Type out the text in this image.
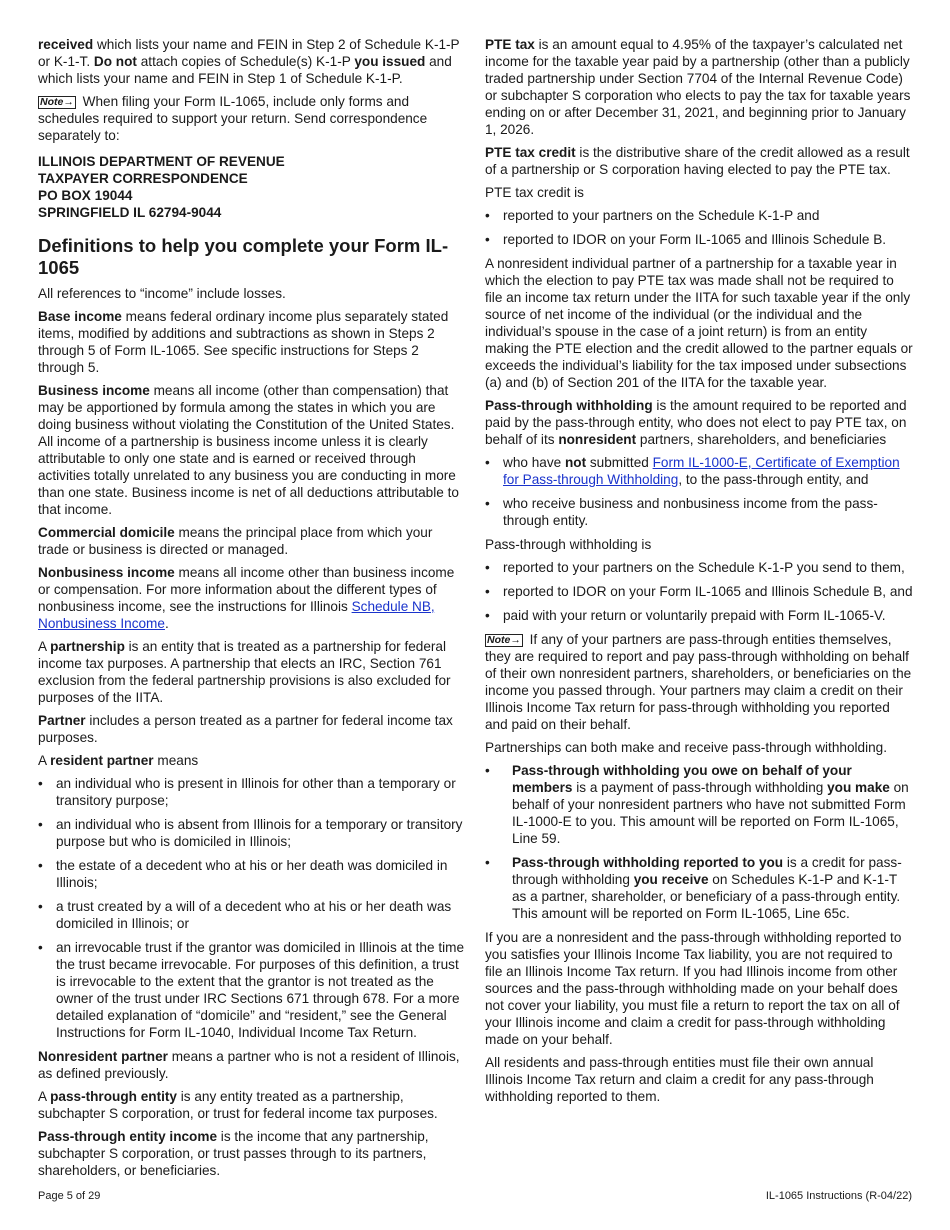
received which lists your name and FEIN in Step 2 of Schedule K-1-P or K-1-T. Do not attach copies of Schedule(s) K-1-P you issued and which lists your name and FEIN in Step 1 of Schedule K-1-P.

Note→ When filing your Form IL-1065, include only forms and schedules required to support your return. Send correspondence separately to:

ILLINOIS DEPARTMENT OF REVENUE
TAXPAYER CORRESPONDENCE
PO BOX 19044
SPRINGFIELD IL 62794-9044
Definitions to help you complete your Form IL-1065

All references to “income” include losses.

Base income means federal ordinary income plus separately stated items, modified by additions and subtractions as shown in Steps 2 through 5 of Form IL-1065. See specific instructions for Steps 2 through 5.

Business income means all income (other than compensation) that may be apportioned by formula among the states in which you are doing business without violating the Constitution of the United States. All income of a partnership is business income unless it is clearly attributable to only one state and is earned or received through activities totally unrelated to any business you are conducting in more than one state. Business income is net of all deductions attributable to that income.

Commercial domicile means the principal place from which your trade or business is directed or managed.

Nonbusiness income means all income other than business income or compensation. For more information about the different types of nonbusiness income, see the instructions for Illinois Schedule NB, Nonbusiness Income.

A partnership is an entity that is treated as a partnership for federal income tax purposes. A partnership that elects an IRC, Section 761 exclusion from the federal partnership provisions is also excluded for purposes of the IITA.

Partner includes a person treated as a partner for federal income tax purposes.

A resident partner means

• an individual who is present in Illinois for other than a temporary or transitory purpose;
• an individual who is absent from Illinois for a temporary or transitory purpose but who is domiciled in Illinois;
• the estate of a decedent who at his or her death was domiciled in Illinois;
• a trust created by a will of a decedent who at his or her death was domiciled in Illinois; or
• an irrevocable trust if the grantor was domiciled in Illinois at the time the trust became irrevocable. For purposes of this definition, a trust is irrevocable to the extent that the grantor is not treated as the owner of the trust under IRC Sections 671 through 678. For a more detailed explanation of “domicile” and “resident,” see the General Instructions for Form IL-1040, Individual Income Tax Return.

Nonresident partner means a partner who is not a resident of Illinois, as defined previously.

A pass-through entity is any entity treated as a partnership, subchapter S corporation, or trust for federal income tax purposes.

Pass-through entity income is the income that any partnership, subchapter S corporation, or trust passes through to its partners, shareholders, or beneficiaries.

PTE tax is an amount equal to 4.95% of the taxpayer’s calculated net income for the taxable year paid by a partnership (other than a publicly traded partnership under Section 7704 of the Internal Revenue Code) or subchapter S corporation who elects to pay the tax for taxable years ending on or after December 31, 2021, and beginning prior to January 1, 2026.

PTE tax credit is the distributive share of the credit allowed as a result of a partnership or S corporation having elected to pay the PTE tax.

PTE tax credit is

• reported to your partners on the Schedule K-1-P and
• reported to IDOR on your Form IL-1065 and Illinois Schedule B.

A nonresident individual partner of a partnership for a taxable year in which the election to pay PTE tax was made shall not be required to file an income tax return under the IITA for such taxable year if the only source of net income of the individual (or the individual and the individual’s spouse in the case of a joint return) is from an entity making the PTE election and the credit allowed to the partner equals or exceeds the individual’s liability for the tax imposed under subsections (a) and (b) of Section 201 of the IITA for the taxable year.

Pass-through withholding is the amount required to be reported and paid by the pass-through entity, who does not elect to pay PTE tax, on behalf of its nonresident partners, shareholders, and beneficiaries

• who have not submitted Form IL-1000-E, Certificate of Exemption for Pass-through Withholding, to the pass-through entity, and
• who receive business and nonbusiness income from the pass-through entity.

Pass-through withholding is

• reported to your partners on the Schedule K-1-P you send to them,
• reported to IDOR on your Form IL-1065 and Illinois Schedule B, and
• paid with your return or voluntarily prepaid with Form IL-1065-V.

Note→ If any of your partners are pass-through entities themselves, they are required to report and pay pass-through withholding on behalf of their own nonresident partners, shareholders, or beneficiaries on the income you passed through. Your partners may claim a credit on their Illinois Income Tax return for pass-through withholding you reported and paid on their behalf.

Partnerships can both make and receive pass-through withholding.

• Pass-through withholding you owe on behalf of your members is a payment of pass-through withholding you make on behalf of your nonresident partners who have not submitted Form IL-1000-E to you. This amount will be reported on Form IL-1065, Line 59.
• Pass-through withholding reported to you is a credit for pass-through withholding you receive on Schedules K-1-P and K-1-T as a partner, shareholder, or beneficiary of a pass-through entity. This amount will be reported on Form IL-1065, Line 65c.

If you are a nonresident and the pass-through withholding reported to you satisfies your Illinois Income Tax liability, you are not required to file an Illinois Income Tax return. If you had Illinois income from other sources and the pass-through withholding made on your behalf does not cover your liability, you must file a return to report the tax on all of your Illinois income and claim a credit for pass-through withholding made on your behalf.

All residents and pass-through entities must file their own annual Illinois Income Tax return and claim a credit for any pass-through withholding reported to them.

Page 5 of 29	IL-1065 Instructions (R-04/22)
